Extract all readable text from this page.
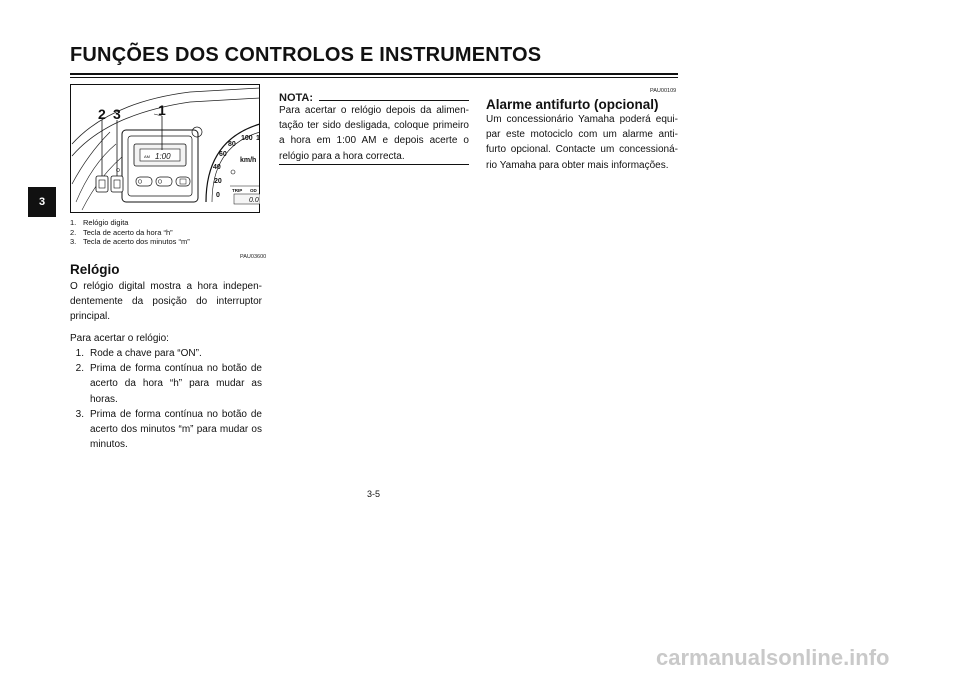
FUNÇÕES DOS CONTROLOS E INSTRUMENTOS
3
AM 1:00
2 3	1
0
20
40
60
80
100 1
km/h
TRIP OD
0.0
1. Relógio digita
2. Tecla de acerto da hora “h”
3. Tecla de acerto dos minutos “m”
PAU03600
Relógio
O relógio digital mostra a hora indepen-dentemente da posição do interruptor principal.
Para acertar o relógio:
1. Rode a chave para “ON”.
2. Prima de forma contínua no botão de acerto da hora “h” para mudar as horas.
3. Prima de forma contínua no botão de acerto dos minutos “m” para mudar os minutos.
NOTA:
Para acertar o relógio depois da alimen-tação ter sido desligada, coloque primeiro a hora em 1:00 AM e depois acerte o relógio para a hora correcta.
PAU00109
Alarme antifurto (opcional)
Um concessionário Yamaha poderá equi-par este motociclo com um alarme anti-furto opcional. Contacte um concessioná-rio Yamaha para obter mais informações.
3-5
carmanualsonline.info
